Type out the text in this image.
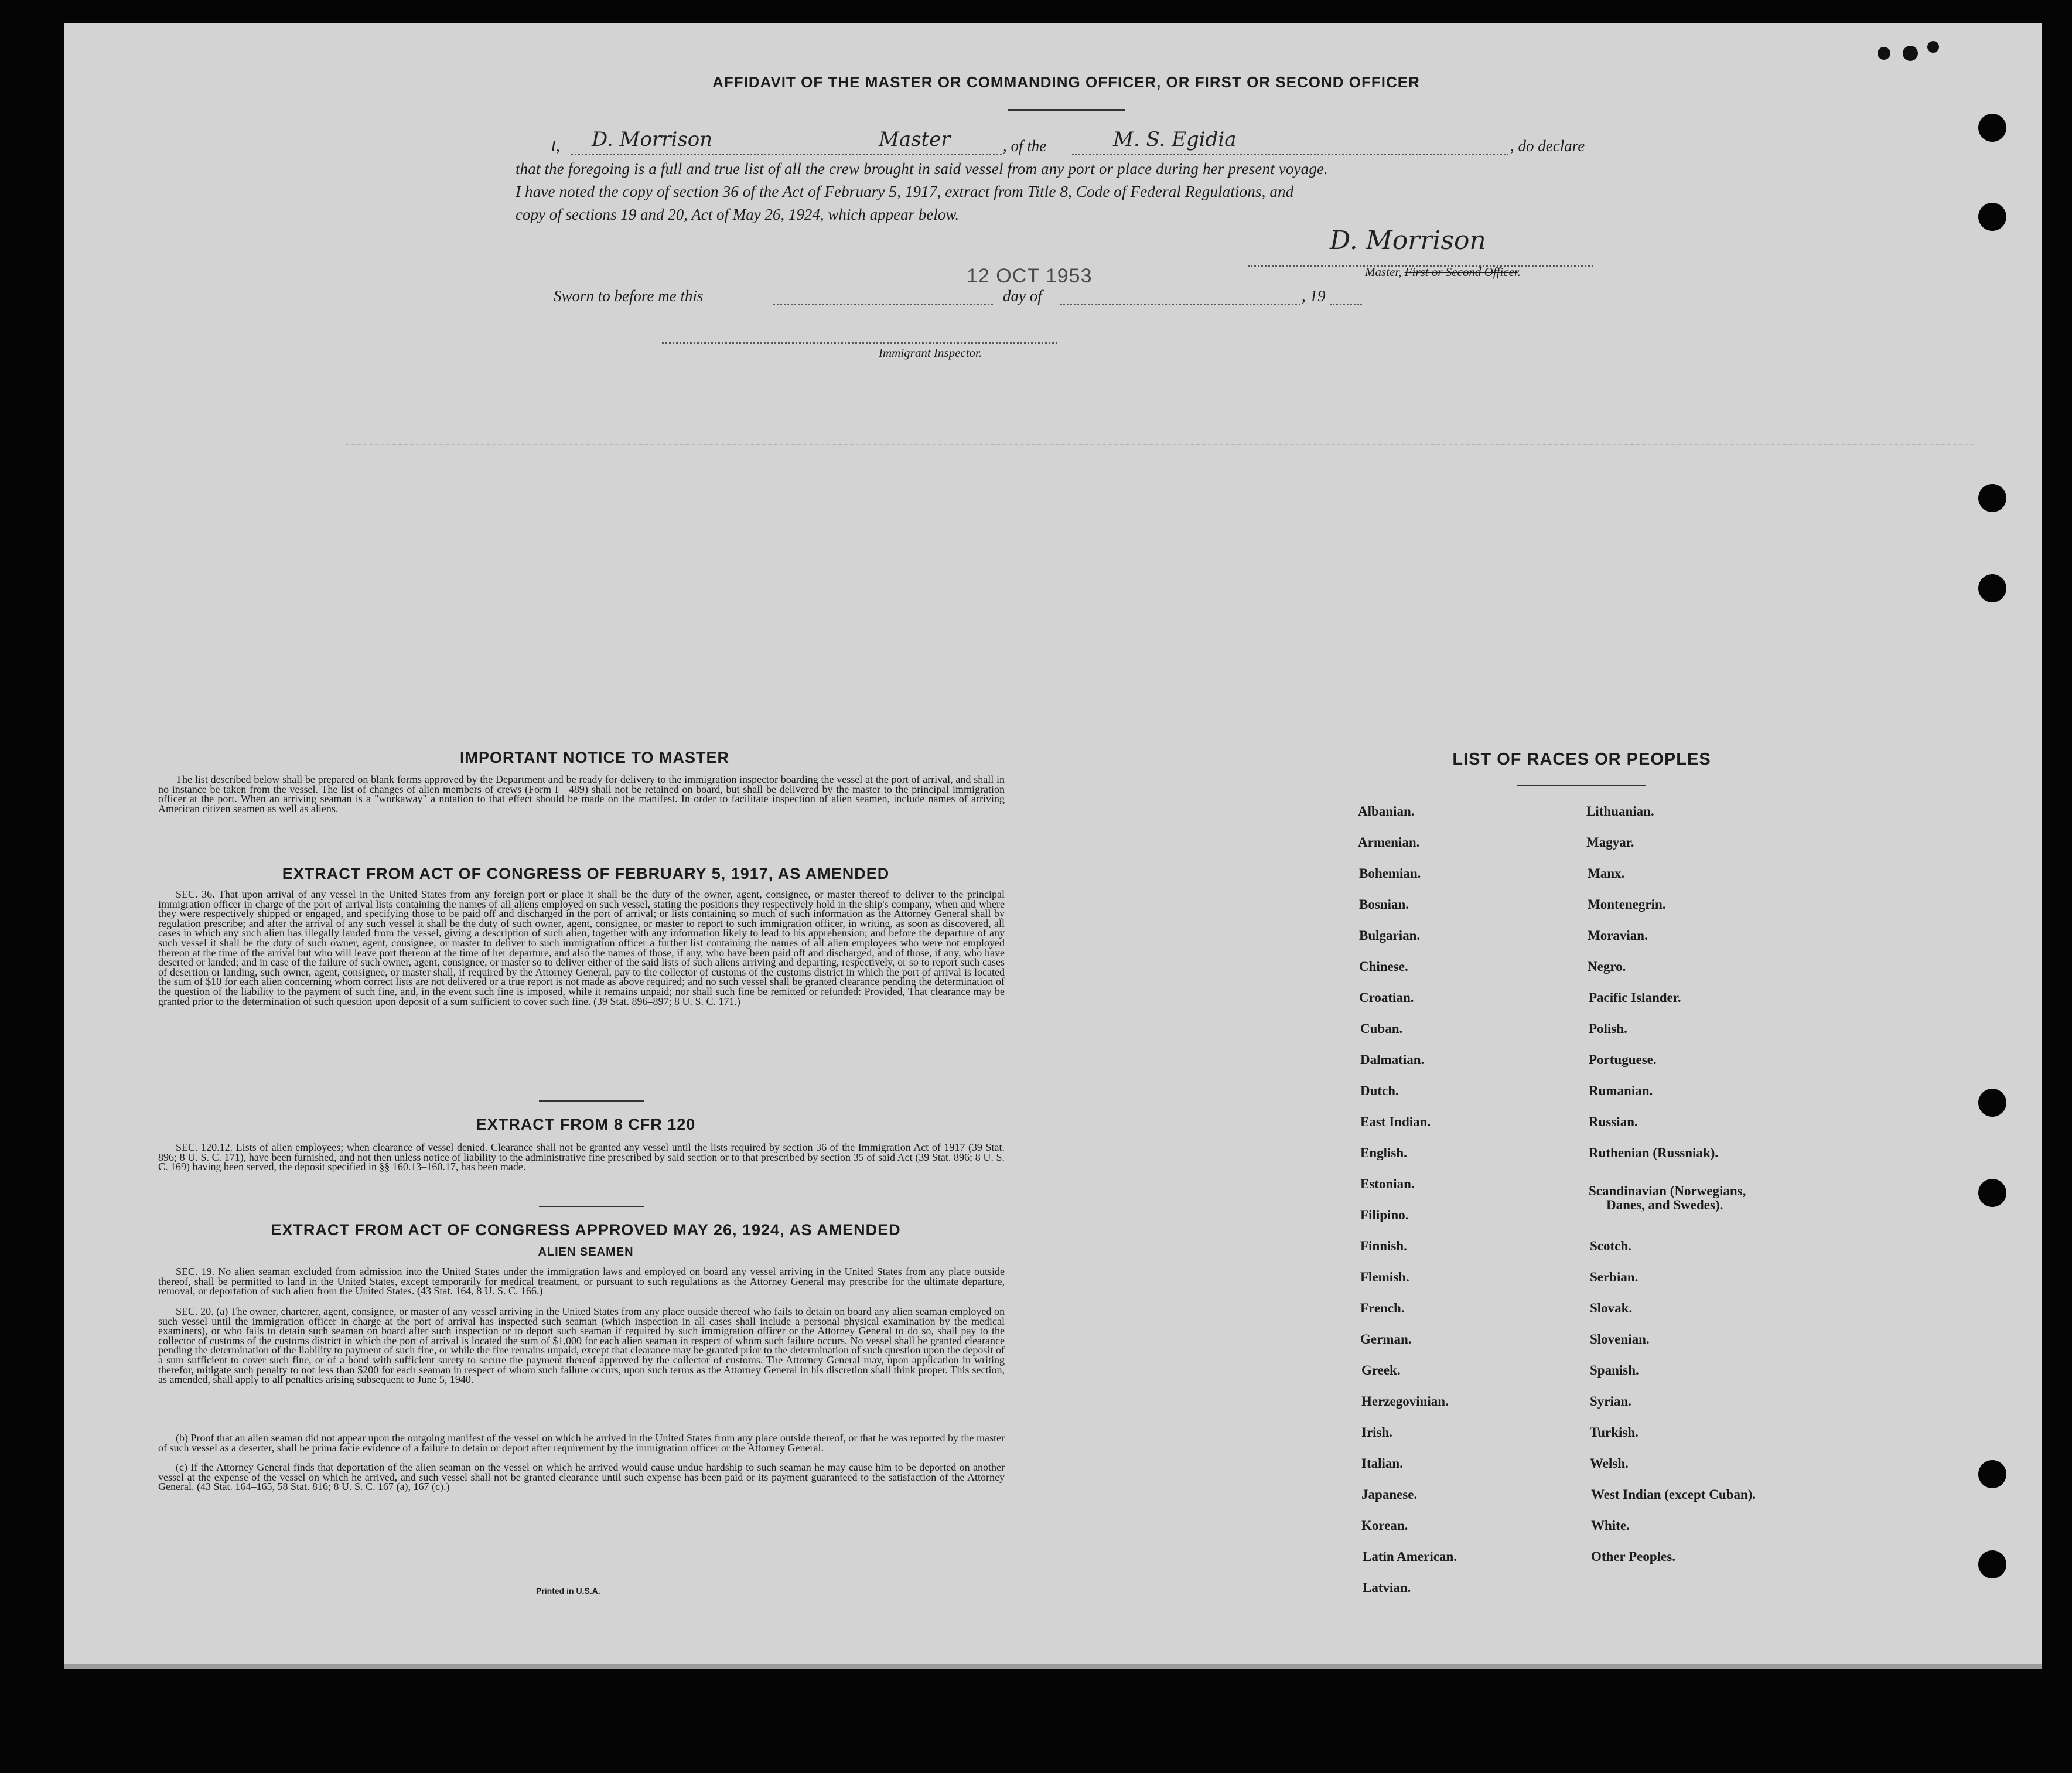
AFFIDAVIT OF THE MASTER OR COMMANDING OFFICER, OR FIRST OR SECOND OFFICER
I, D. Morrison	Master	, of the	M. S. Egidia	, do declare
that the foregoing is a full and true list of all the crew brought in said vessel from any port or place during her present voyage.
I have noted the copy of section 36 of the Act of February 5, 1917, extract from Title 8, Code of Federal Regulations, and
copy of sections 19 and 20, Act of May 26, 1924, which appear below.
D. Morrison
Master, First or Second Officer.
Sworn to before me this
12 OCT 1953
day of	, 19
Immigrant Inspector.
IMPORTANT NOTICE TO MASTER
The list described below shall be prepared on blank forms approved by the Department and be ready for delivery to the immigration inspector boarding the vessel at the port of arrival, and shall in no instance be taken from the vessel. The list of changes of alien members of crews (Form I—489) shall not be retained on board, but shall be delivered by the master to the principal immigration officer at the port. When an arriving seaman is a "workaway" a notation to that effect should be made on the manifest. In order to facilitate inspection of alien seamen, include names of arriving American citizen seamen as well as aliens.
EXTRACT FROM ACT OF CONGRESS OF FEBRUARY 5, 1917, AS AMENDED
SEC. 36. That upon arrival of any vessel in the United States from any foreign port or place it shall be the duty of the owner, agent, consignee, or master thereof to deliver to the principal immigration officer in charge of the port of arrival lists containing the names of all aliens employed on such vessel, stating the positions they respectively hold in the ship's company, when and where they were respectively shipped or engaged, and specifying those to be paid off and discharged in the port of arrival; or lists containing so much of such information as the Attorney General shall by regulation prescribe; and after the arrival of any such vessel it shall be the duty of such owner, agent, consignee, or master to report to such immigration officer, in writing, as soon as discovered, all cases in which any such alien has illegally landed from the vessel, giving a description of such alien, together with any information likely to lead to his apprehension; and before the departure of any such vessel it shall be the duty of such owner, agent, consignee, or master to deliver to such immigration officer a further list containing the names of all alien employees who were not employed thereon at the time of the arrival but who will leave port thereon at the time of her departure, and also the names of those, if any, who have been paid off and discharged, and of those, if any, who have deserted or landed; and in case of the failure of such owner, agent, consignee, or master so to deliver either of the said lists of such aliens arriving and departing, respectively, or so to report such cases of desertion or landing, such owner, agent, consignee, or master shall, if required by the Attorney General, pay to the collector of customs of the customs district in which the port of arrival is located the sum of $10 for each alien concerning whom correct lists are not delivered or a true report is not made as above required; and no such vessel shall be granted clearance pending the determination of the question of the liability to the payment of such fine, and, in the event such fine is imposed, while it remains unpaid; nor shall such fine be remitted or refunded: Provided, That clearance may be granted prior to the determination of such question upon deposit of a sum sufficient to cover such fine. (39 Stat. 896–897; 8 U. S. C. 171.)
EXTRACT FROM 8 CFR 120
SEC. 120.12. Lists of alien employees; when clearance of vessel denied. Clearance shall not be granted any vessel until the lists required by section 36 of the Immigration Act of 1917 (39 Stat. 896; 8 U. S. C. 171), have been furnished, and not then unless notice of liability to the administrative fine prescribed by said section or to that prescribed by section 35 of said Act (39 Stat. 896; 8 U. S. C. 169) having been served, the deposit specified in §§ 160.13–160.17, has been made.
EXTRACT FROM ACT OF CONGRESS APPROVED MAY 26, 1924, AS AMENDED
ALIEN SEAMEN
SEC. 19. No alien seaman excluded from admission into the United States under the immigration laws and employed on board any vessel arriving in the United States from any place outside thereof, shall be permitted to land in the United States, except temporarily for medical treatment, or pursuant to such regulations as the Attorney General may prescribe for the ultimate departure, removal, or deportation of such alien from the United States. (43 Stat. 164, 8 U. S. C. 166.)
SEC. 20. (a) The owner, charterer, agent, consignee, or master of any vessel arriving in the United States from any place outside thereof who fails to detain on board any alien seaman employed on such vessel until the immigration officer in charge at the port of arrival has inspected such seaman (which inspection in all cases shall include a personal physical examination by the medical examiners), or who fails to detain such seaman on board after such inspection or to deport such seaman if required by such immigration officer or the Attorney General to do so, shall pay to the collector of customs of the customs district in which the port of arrival is located the sum of $1,000 for each alien seaman in respect of whom such failure occurs. No vessel shall be granted clearance pending the determination of the liability to payment of such fine, or while the fine remains unpaid, except that clearance may be granted prior to the determination of such question upon the deposit of a sum sufficient to cover such fine, or of a bond with sufficient surety to secure the payment thereof approved by the collector of customs. The Attorney General may, upon application in writing therefor, mitigate such penalty to not less than $200 for each seaman in respect of whom such failure occurs, upon such terms as the Attorney General in his discretion shall think proper. This section, as amended, shall apply to all penalties arising subsequent to June 5, 1940.
(b) Proof that an alien seaman did not appear upon the outgoing manifest of the vessel on which he arrived in the United States from any place outside thereof, or that he was reported by the master of such vessel as a deserter, shall be prima facie evidence of a failure to detain or deport after requirement by the immigration officer or the Attorney General.
(c) If the Attorney General finds that deportation of the alien seaman on the vessel on which he arrived would cause undue hardship to such seaman he may cause him to be deported on another vessel at the expense of the vessel on which he arrived, and such vessel shall not be granted clearance until such expense has been paid or its payment guaranteed to the satisfaction of the Attorney General. (43 Stat. 164–165, 58 Stat. 816; 8 U. S. C. 167 (a), 167 (c).)
Printed in U.S.A.
LIST OF RACES OR PEOPLES
Albanian.
Armenian.
Bohemian.
Bosnian.
Bulgarian.
Chinese.
Croatian.
Cuban.
Dalmatian.
Dutch.
East Indian.
English.
Estonian.
Filipino.
Finnish.
Flemish.
French.
German.
Greek.
Herzegovinian.
Irish.
Italian.
Japanese.
Korean.
Latin American.
Latvian.
Lithuanian.
Magyar.
Manx.
Montenegrin.
Moravian.
Negro.
Pacific Islander.
Polish.
Portuguese.
Rumanian.
Russian.
Ruthenian (Russniak).
Scandinavian (Norwegians,
Danes, and Swedes).
Scotch.
Serbian.
Slovak.
Slovenian.
Spanish.
Syrian.
Turkish.
Welsh.
West Indian (except Cuban).
White.
Other Peoples.
